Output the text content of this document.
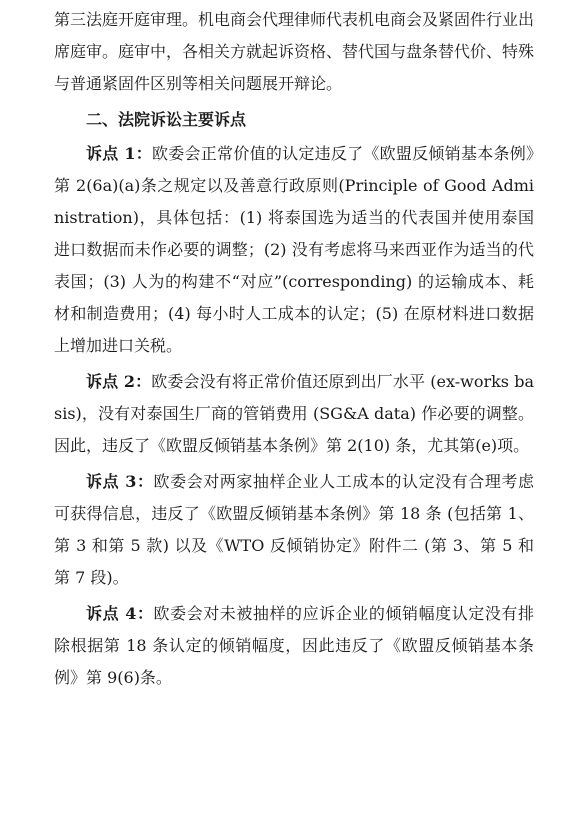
第三法庭开庭审理。机电商会代理律师代表机电商会及紧固件行业出席庭审。庭审中，各相关方就起诉资格、替代国与盘条替代价、特殊与普通紧固件区别等相关问题展开辩论。

二、法院诉讼主要诉点

诉点 1：欧委会正常价值的认定违反了《欧盟反倾销基本条例》第 2(6a)(a)条之规定以及善意行政原则(Principle of Good Administration)，具体包括：(1) 将泰国选为适当的代表国并使用泰国进口数据而未作必要的调整；(2) 没有考虑将马来西亚作为适当的代表国；(3) 人为的构建不“对应”(corresponding) 的运输成本、耗材和制造费用；(4) 每小时人工成本的认定；(5) 在原材料进口数据上增加进口关税。

诉点 2：欧委会没有将正常价值还原到出厂水平 (ex-works basis)，没有对泰国生厂商的管销费用 (SG&A data) 作必要的调整。因此，违反了《欧盟反倾销基本条例》第 2(10) 条，尤其第(e)项。

诉点 3：欧委会对两家抽样企业人工成本的认定没有合理考虑可获得信息，违反了《欧盟反倾销基本条例》第 18 条 (包括第 1、第 3 和第 5 款) 以及《WTO 反倾销协定》附件二 (第 3、第 5 和第 7 段)。

诉点 4：欧委会对未被抽样的应诉企业的倾销幅度认定没有排除根据第 18 条认定的倾销幅度，因此违反了《欧盟反倾销基本条例》第 9(6)条。
